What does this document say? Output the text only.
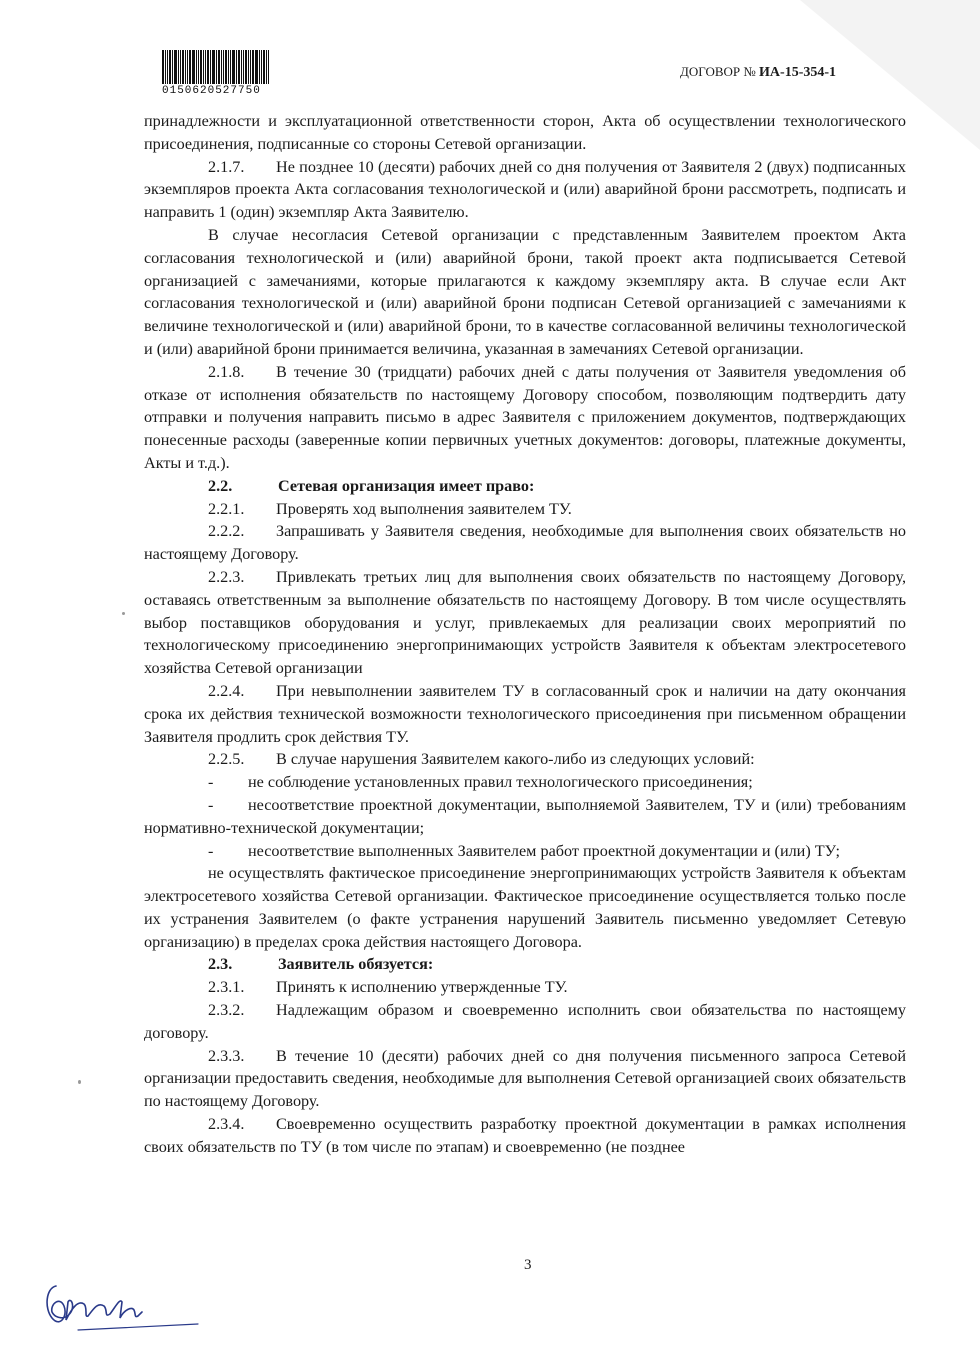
0150620527750
ДОГОВОР № ИА-15-354-1

принадлежности и эксплуатационной ответственности сторон, Акта об осуществлении технологического присоединения, подписанные со стороны Сетевой организации.

2.1.7. Не позднее 10 (десяти) рабочих дней со дня получения от Заявителя 2 (двух) подписанных экземпляров проекта Акта согласования технологической и (или) аварийной брони рассмотреть, подписать и направить 1 (один) экземпляр Акта Заявителю.

В случае несогласия Сетевой организации с представленным Заявителем проектом Акта согласования технологической и (или) аварийной брони, такой проект акта подписывается Сетевой организацией с замечаниями, которые прилагаются к каждому экземпляру акта. В случае если Акт согласования технологической и (или) аварийной брони подписан Сетевой организацией с замечаниями к величине технологической и (или) аварийной брони, то в качестве согласованной величины технологической и (или) аварийной брони принимается величина, указанная в замечаниях Сетевой организации.

2.1.8. В течение 30 (тридцати) рабочих дней с даты получения от Заявителя уведомления об отказе от исполнения обязательств по настоящему Договору способом, позволяющим подтвердить дату отправки и получения направить письмо в адрес Заявителя с приложением документов, подтверждающих понесенные расходы (заверенные копии первичных учетных документов: договоры, платежные документы, Акты и т.д.).

2.2.	Сетевая организация имеет право:

2.2.1. Проверять ход выполнения заявителем ТУ.

2.2.2. Запрашивать у Заявителя сведения, необходимые для выполнения своих обязательств но настоящему Договору.

2.2.3. Привлекать третьих лиц для выполнения своих обязательств по настоящему Договору, оставаясь ответственным за выполнение обязательств по настоящему Договору. В том числе осуществлять выбор поставщиков оборудования и услуг, привлекаемых для реализации своих мероприятий по технологическому присоединению энергопринимающих устройств Заявителя к объектам электросетевого хозяйства Сетевой организации

2.2.4. При невыполнении заявителем ТУ в согласованный срок и наличии на дату окончания срока их действия технической возможности технологического присоединения при письменном обращении Заявителя продлить срок действия ТУ.

2.2.5. В случае нарушения Заявителем какого-либо из следующих условий:

- не соблюдение установленных правил технологического присоединения;

- несоответствие проектной документации, выполняемой Заявителем, ТУ и (или) требованиям нормативно-технической документации;

- несоответствие выполненных Заявителем работ проектной документации и (или) ТУ;

не осуществлять фактическое присоединение энергопринимающих устройств Заявителя к объектам электросетевого хозяйства Сетевой организации. Фактическое присоединение осуществляется только после их устранения Заявителем (о факте устранения нарушений Заявитель письменно уведомляет Сетевую организацию) в пределах срока действия настоящего Договора.

2.3.	Заявитель обязуется:

2.3.1. Принять к исполнению утвержденные ТУ.

2.3.2. Надлежащим образом и своевременно исполнить свои обязательства по настоящему договору.

2.3.3. В течение 10 (десяти) рабочих дней со дня получения письменного запроса Сетевой организации предоставить сведения, необходимые для выполнения Сетевой организацией своих обязательств по настоящему Договору.

2.3.4. Своевременно осуществить разработку проектной документации в рамках исполнения своих обязательств по ТУ (в том числе по этапам) и своевременно (не позднее

3
